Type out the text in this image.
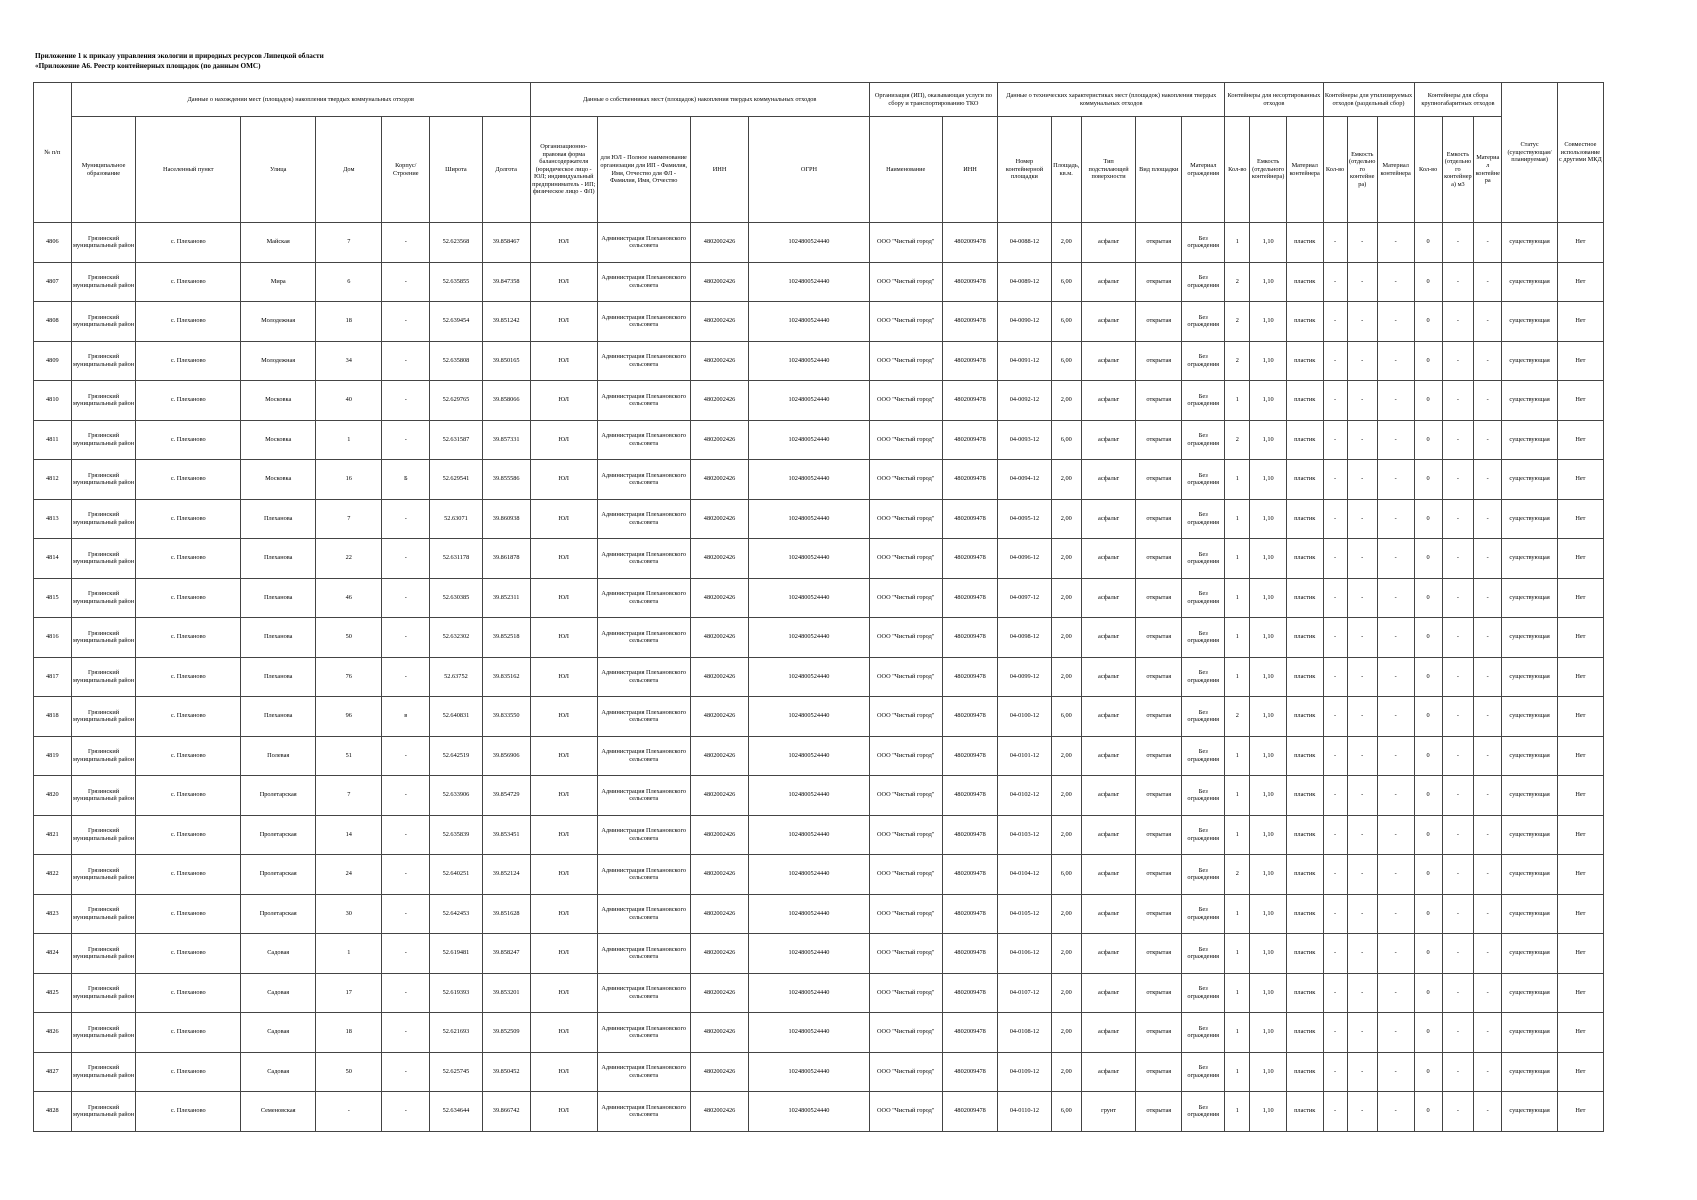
Приложение 1 к приказу управления экологии и природных ресурсов Липецкой области
«Приложение А6. Реестр контейнерных площадок (по данным ОМС)
№ п/п	Данные о нахождении мест (площадок) накопления твердых коммунальных отходов							Данные о собственниках мест (площадок) накопления твердых коммунальных отходов				Организация (ИП), оказывающая услуги по сбору и транспортированию ТКО		Данные о технических характеристиках мест (площадок) накопления твердых коммунальных отходов					Контейнеры для несортированных отходов			Контейнеры для утилизируемых отходов (раздельный сбор)			Контейнеры для сбора крупногабаритных отходов			Статус (существующая/ планируемая)	Совместное использование с другими МКД
	Муниципальное образование	Населенный пункт	Улица	Дом	Корпус/Строение	Широта	Долгота	Организационно-правовая форма балансодержателя (юридическое лицо - ЮЛ; индивидуальный предприниматель - ИП; физическое лицо - ФЛ)	для ЮЛ - Полное наименование организации для ИП - Фамилия, Имя, Отчество для ФЛ - Фамилия, Имя, Отчество	ИНН	ОГРН	Наименование	ИНН	Номер контейнерной площадки	Площадь, кв.м.	Тип подстилающей поверхности	Вид площадки	Материал ограждения	Кол-во	Емкость (отдельного контейнера)	Материал контейнера	Кол-во	Емкость (отдельного контейнера)	Материал контейнера	Кол-во	Емкость (отдельного контейнера) м3	Материал контейнера		
4806	Грязинский муниципальный район	с. Плеханово	Майская	7	-	52.623568	39.858467	ЮЛ	Администрация Плехановского сельсовета	4802002426	1024800524440	ООО "Чистый город"	4802009478	04-0088-12	2,00	асфальт	открытая	Без ограждения	1	1,10	пластик	-	-	-	0	-	-	существующая	Нет
4807	Грязинский муниципальный район	с. Плеханово	Мира	6	-	52.635855	39.847358	ЮЛ	Администрация Плехановского сельсовета	4802002426	1024800524440	ООО "Чистый город"	4802009478	04-0089-12	6,00	асфальт	открытая	Без ограждения	2	1,10	пластик	-	-	-	0	-	-	существующая	Нет
4808	Грязинский муниципальный район	с. Плеханово	Молодежная	18	-	52.639454	39.851242	ЮЛ	Администрация Плехановского сельсовета	4802002426	1024800524440	ООО "Чистый город"	4802009478	04-0090-12	6,00	асфальт	открытая	Без ограждения	2	1,10	пластик	-	-	-	0	-	-	существующая	Нет
4809	Грязинский муниципальный район	с. Плеханово	Молодежная	34	-	52.635808	39.850165	ЮЛ	Администрация Плехановского сельсовета	4802002426	1024800524440	ООО "Чистый город"	4802009478	04-0091-12	6,00	асфальт	открытая	Без ограждения	2	1,10	пластик	-	-	-	0	-	-	существующая	Нет
4810	Грязинский муниципальный район	с. Плеханово	Московка	40	-	52.629765	39.858066	ЮЛ	Администрация Плехановского сельсовета	4802002426	1024800524440	ООО "Чистый город"	4802009478	04-0092-12	2,00	асфальт	открытая	Без ограждения	1	1,10	пластик	-	-	-	0	-	-	существующая	Нет
4811	Грязинский муниципальный район	с. Плеханово	Московка	1	-	52.631587	39.857331	ЮЛ	Администрация Плехановского сельсовета	4802002426	1024800524440	ООО "Чистый город"	4802009478	04-0093-12	6,00	асфальт	открытая	Без ограждения	2	1,10	пластик	-	-	-	0	-	-	существующая	Нет
4812	Грязинский муниципальный район	с. Плеханово	Московка	16	Б	52.629541	39.855586	ЮЛ	Администрация Плехановского сельсовета	4802002426	1024800524440	ООО "Чистый город"	4802009478	04-0094-12	2,00	асфальт	открытая	Без ограждения	1	1,10	пластик	-	-	-	0	-	-	существующая	Нет
4813	Грязинский муниципальный район	с. Плеханово	Плеханова	7	-	52.63071	39.860938	ЮЛ	Администрация Плехановского сельсовета	4802002426	1024800524440	ООО "Чистый город"	4802009478	04-0095-12	2,00	асфальт	открытая	Без ограждения	1	1,10	пластик	-	-	-	0	-	-	существующая	Нет
4814	Грязинский муниципальный район	с. Плеханово	Плеханова	22	-	52.631178	39.861878	ЮЛ	Администрация Плехановского сельсовета	4802002426	1024800524440	ООО "Чистый город"	4802009478	04-0096-12	2,00	асфальт	открытая	Без ограждения	1	1,10	пластик	-	-	-	0	-	-	существующая	Нет
4815	Грязинский муниципальный район	с. Плеханово	Плеханова	46	-	52.630385	39.852311	ЮЛ	Администрация Плехановского сельсовета	4802002426	1024800524440	ООО "Чистый город"	4802009478	04-0097-12	2,00	асфальт	открытая	Без ограждения	1	1,10	пластик	-	-	-	0	-	-	существующая	Нет
4816	Грязинский муниципальный район	с. Плеханово	Плеханова	50	-	52.632302	39.852518	ЮЛ	Администрация Плехановского сельсовета	4802002426	1024800524440	ООО "Чистый город"	4802009478	04-0098-12	2,00	асфальт	открытая	Без ограждения	1	1,10	пластик	-	-	-	0	-	-	существующая	Нет
4817	Грязинский муниципальный район	с. Плеханово	Плеханова	76	-	52.63752	39.835162	ЮЛ	Администрация Плехановского сельсовета	4802002426	1024800524440	ООО "Чистый город"	4802009478	04-0099-12	2,00	асфальт	открытая	Без ограждения	1	1,10	пластик	-	-	-	0	-	-	существующая	Нет
4818	Грязинский муниципальный район	с. Плеханово	Плеханова	96	в	52.640831	39.833550	ЮЛ	Администрация Плехановского сельсовета	4802002426	1024800524440	ООО "Чистый город"	4802009478	04-0100-12	6,00	асфальт	открытая	Без ограждения	2	1,10	пластик	-	-	-	0	-	-	существующая	Нет
4819	Грязинский муниципальный район	с. Плеханово	Полевая	51	-	52.642519	39.856906	ЮЛ	Администрация Плехановского сельсовета	4802002426	1024800524440	ООО "Чистый город"	4802009478	04-0101-12	2,00	асфальт	открытая	Без ограждения	1	1,10	пластик	-	-	-	0	-	-	существующая	Нет
4820	Грязинский муниципальный район	с. Плеханово	Пролетарская	7	-	52.633906	39.854729	ЮЛ	Администрация Плехановского сельсовета	4802002426	1024800524440	ООО "Чистый город"	4802009478	04-0102-12	2,00	асфальт	открытая	Без ограждения	1	1,10	пластик	-	-	-	0	-	-	существующая	Нет
4821	Грязинский муниципальный район	с. Плеханово	Пролетарская	14	-	52.635839	39.853451	ЮЛ	Администрация Плехановского сельсовета	4802002426	1024800524440	ООО "Чистый город"	4802009478	04-0103-12	2,00	асфальт	открытая	Без ограждения	1	1,10	пластик	-	-	-	0	-	-	существующая	Нет
4822	Грязинский муниципальный район	с. Плеханово	Пролетарская	24	-	52.640251	39.852124	ЮЛ	Администрация Плехановского сельсовета	4802002426	1024800524440	ООО "Чистый город"	4802009478	04-0104-12	6,00	асфальт	открытая	Без ограждения	2	1,10	пластик	-	-	-	0	-	-	существующая	Нет
4823	Грязинский муниципальный район	с. Плеханово	Пролетарская	30	-	52.642453	39.851628	ЮЛ	Администрация Плехановского сельсовета	4802002426	1024800524440	ООО "Чистый город"	4802009478	04-0105-12	2,00	асфальт	открытая	Без ограждения	1	1,10	пластик	-	-	-	0	-	-	существующая	Нет
4824	Грязинский муниципальный район	с. Плеханово	Садовая	1	-	52.619481	39.858247	ЮЛ	Администрация Плехановского сельсовета	4802002426	1024800524440	ООО "Чистый город"	4802009478	04-0106-12	2,00	асфальт	открытая	Без ограждения	1	1,10	пластик	-	-	-	0	-	-	существующая	Нет
4825	Грязинский муниципальный район	с. Плеханово	Садовая	17	-	52.619393	39.853201	ЮЛ	Администрация Плехановского сельсовета	4802002426	1024800524440	ООО "Чистый город"	4802009478	04-0107-12	2,00	асфальт	открытая	Без ограждения	1	1,10	пластик	-	-	-	0	-	-	существующая	Нет
4826	Грязинский муниципальный район	с. Плеханово	Садовая	18	-	52.621693	39.852509	ЮЛ	Администрация Плехановского сельсовета	4802002426	1024800524440	ООО "Чистый город"	4802009478	04-0108-12	2,00	асфальт	открытая	Без ограждения	1	1,10	пластик	-	-	-	0	-	-	существующая	Нет
4827	Грязинский муниципальный район	с. Плеханово	Садовая	50	-	52.625745	39.850452	ЮЛ	Администрация Плехановского сельсовета	4802002426	1024800524440	ООО "Чистый город"	4802009478	04-0109-12	2,00	асфальт	открытая	Без ограждения	1	1,10	пластик	-	-	-	0	-	-	существующая	Нет
4828	Грязинский муниципальный район	с. Плеханово	Семеновская	-	-	52.634644	39.866742	ЮЛ	Администрация Плехановского сельсовета	4802002426	1024800524440	ООО "Чистый город"	4802009478	04-0110-12	6,00	грунт	открытая	Без ограждения	1	1,10	пластик	-	-	-	0	-	-	существующая	Нет
